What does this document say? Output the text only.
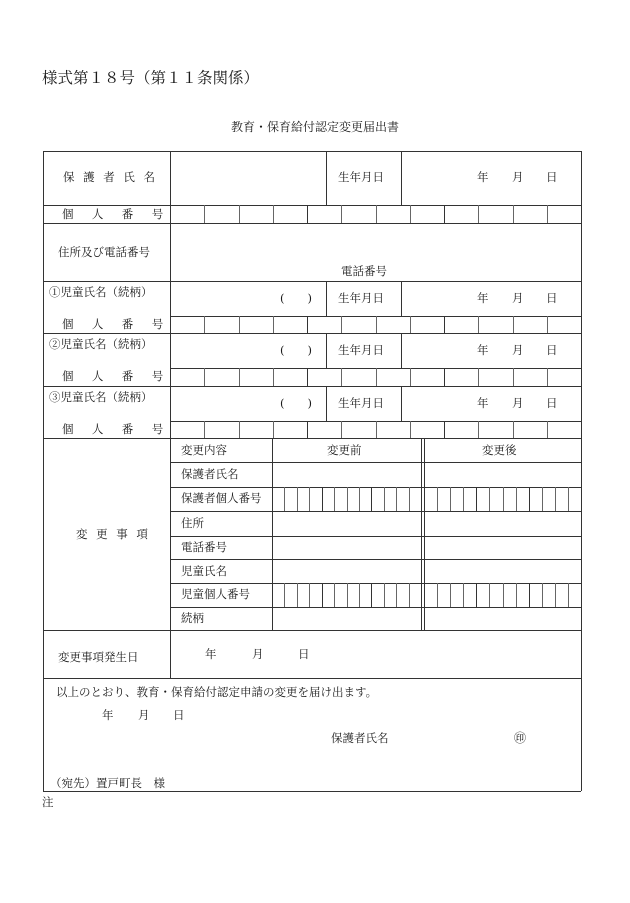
様式第１８号（第１１条関係）
教育・保育給付認定変更届出書
保護者氏名	生年月日	年 月 日
個人番号
住所及び電話番号
電話番号
①児童氏名（続柄）	(　　) 生年月日	年 月 日
個人番号
②児童氏名（続柄）	(　　) 生年月日	年 月 日
個人番号
③児童氏名（続柄）	(　　) 生年月日	年 月 日
個人番号
変更事項
変更内容	変更前	変更後
保護者氏名
保護者個人番号
住所
電話番号
児童氏名
児童個人番号
続柄
変更事項発生日	年	月	日
以上のとおり、教育・保育給付認定申請の変更を届け出ます。
年 月 日
保護者氏名	㊞
（宛先）置戸町長　様
注
